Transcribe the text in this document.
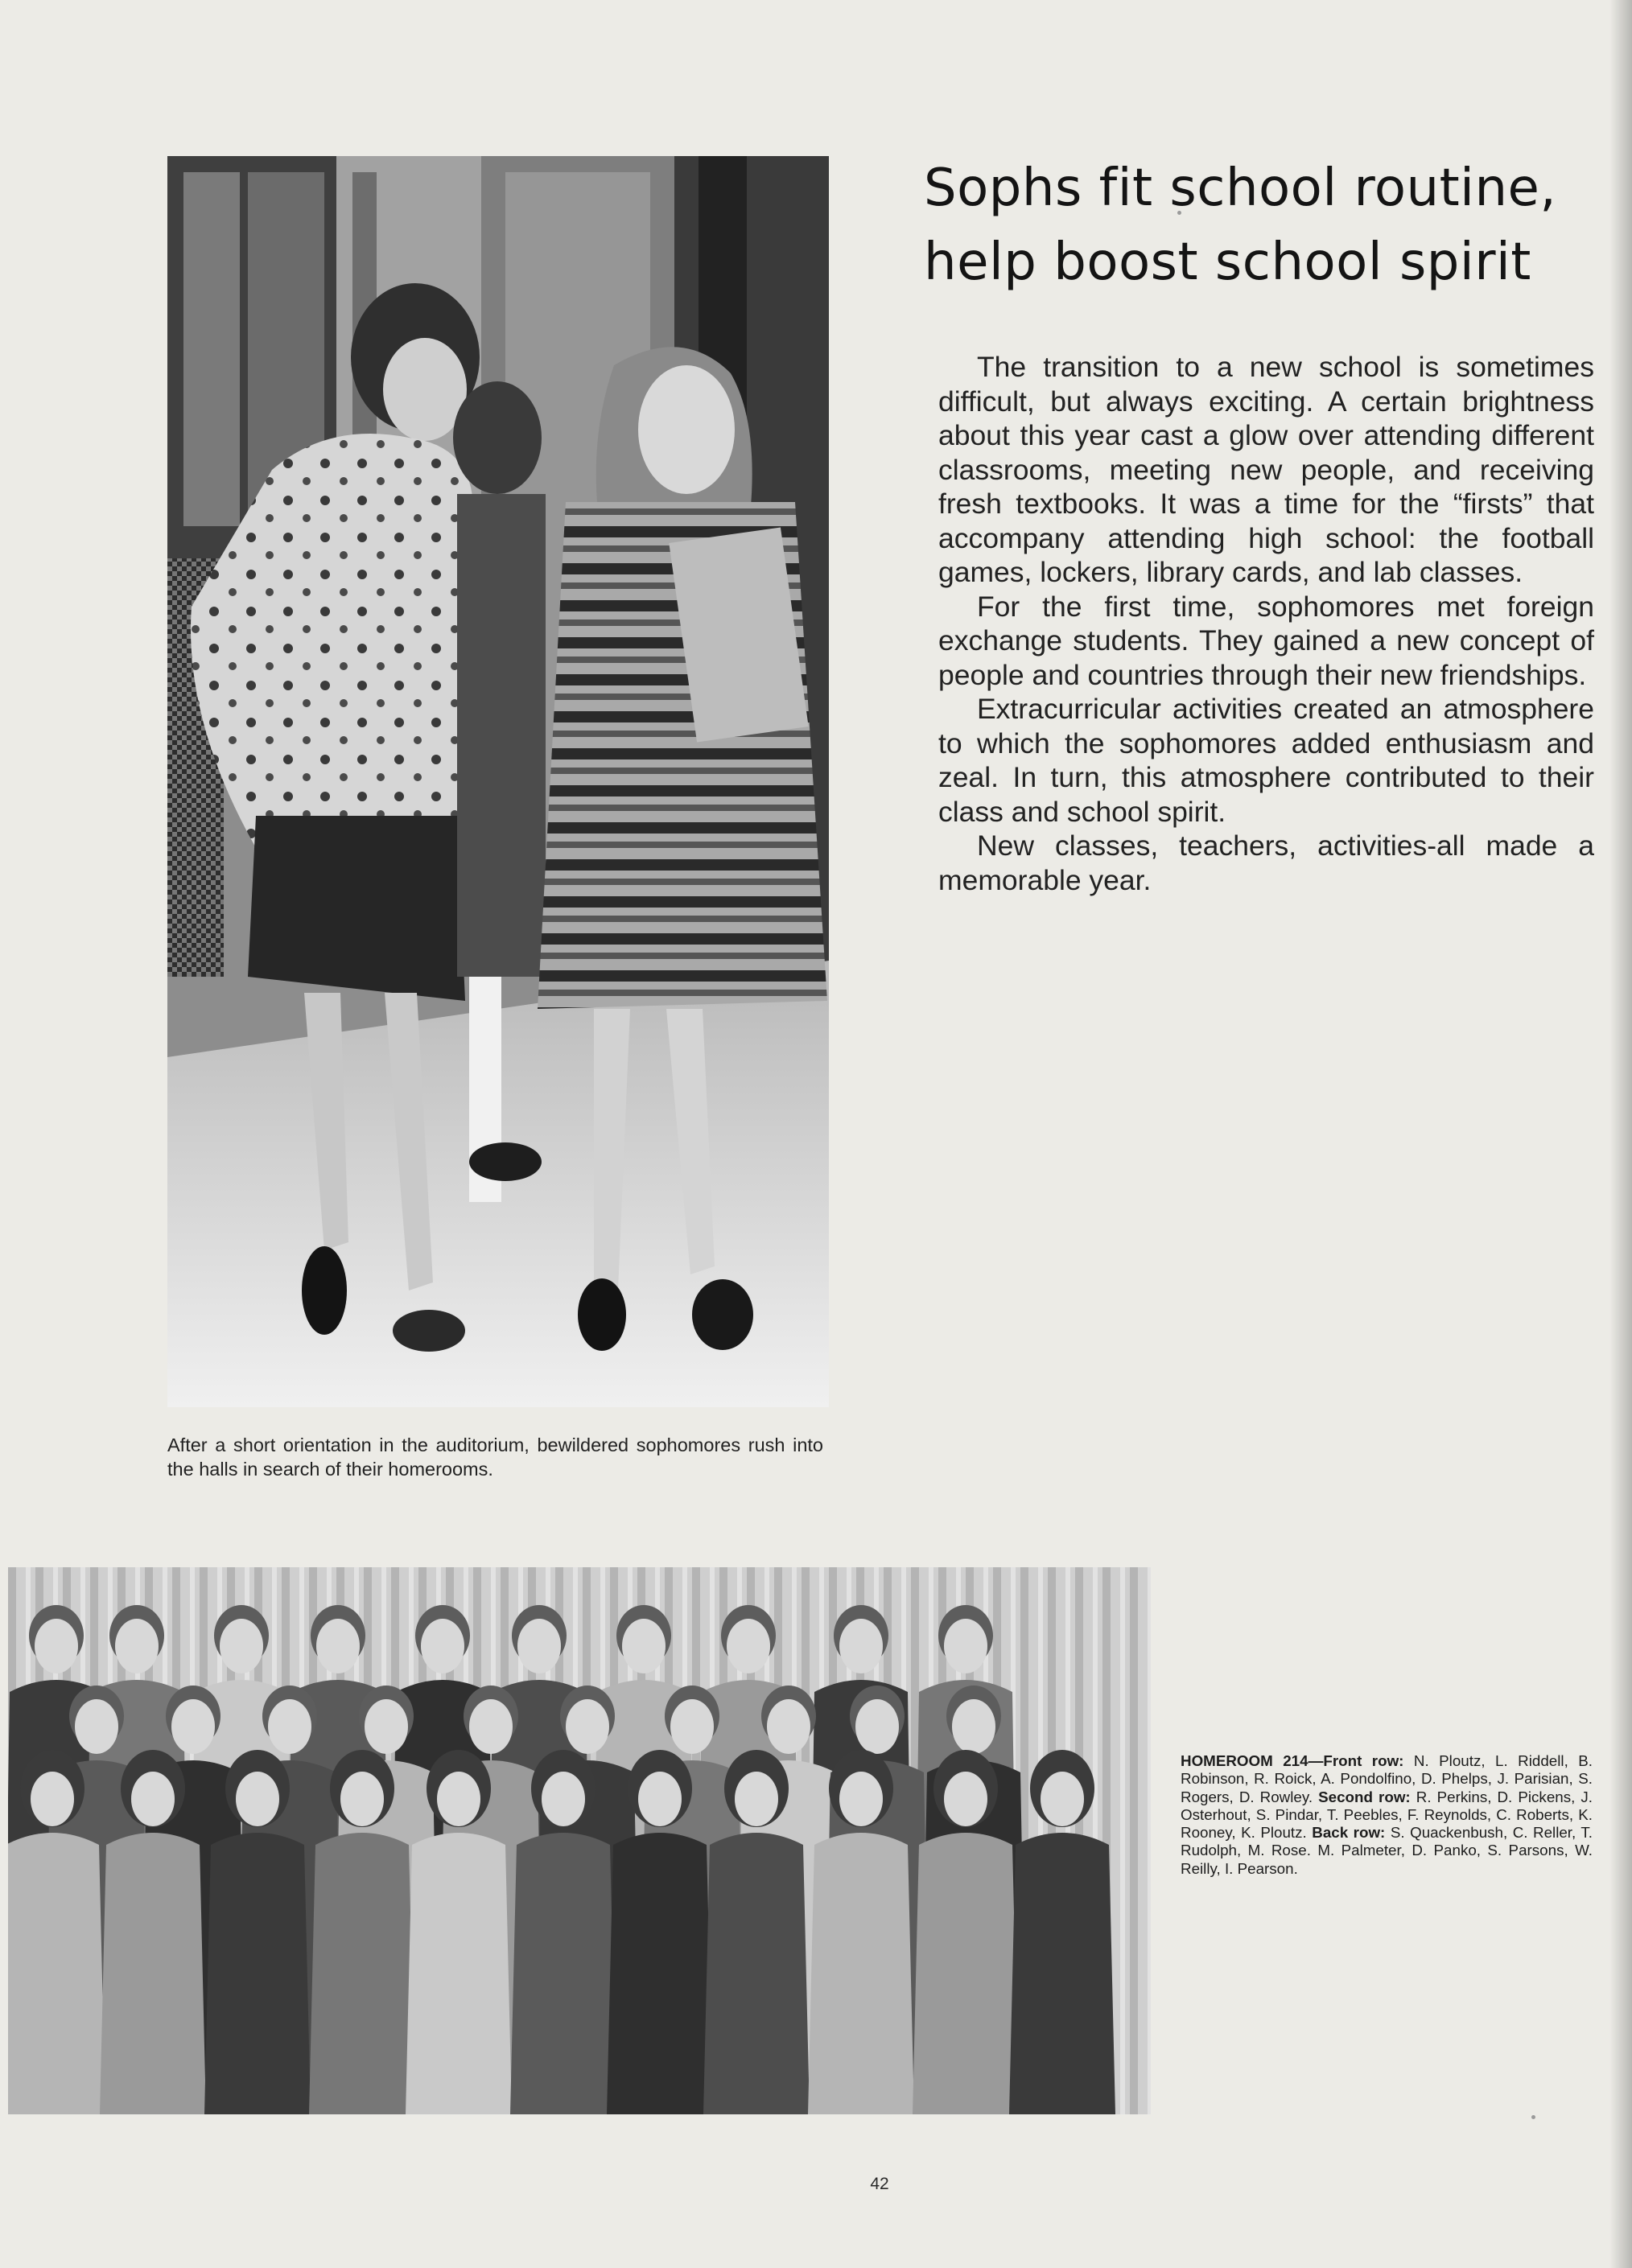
Sophs fit school routine,
help boost school spirit

The transition to a new school is sometimes difficult, but always exciting. A certain brightness about this year cast a glow over attending different classrooms, meeting new people, and receiving fresh textbooks. It was a time for the “firsts” that accompany attending high school: the football games, lockers, library cards, and lab classes.

For the first time, sophomores met foreign exchange students. They gained a new concept of people and countries through their new friendships.

Extracurricular activities created an atmosphere to which the sophomores added enthusiasm and zeal. In turn, this atmosphere contributed to their class and school spirit.

New classes, teachers, activities-all made a memorable year.

After a short orientation in the auditorium, bewildered sophomores rush into the halls in search of their homerooms.
HOMEROOM 214—Front row: N. Ploutz, L. Riddell, B. Robinson, R. Roick, A. Pondolfino, D. Phelps, J. Parisian, S. Rogers, D. Rowley. Second row: R. Perkins, D. Pickens, J. Osterhout, S. Pindar, T. Peebles, F. Reynolds, C. Roberts, K. Rooney, K. Ploutz. Back row: S. Quackenbush, C. Reller, T. Rudolph, M. Rose. M. Palmeter, D. Panko, S. Parsons, W. Reilly, I. Pearson.
42
